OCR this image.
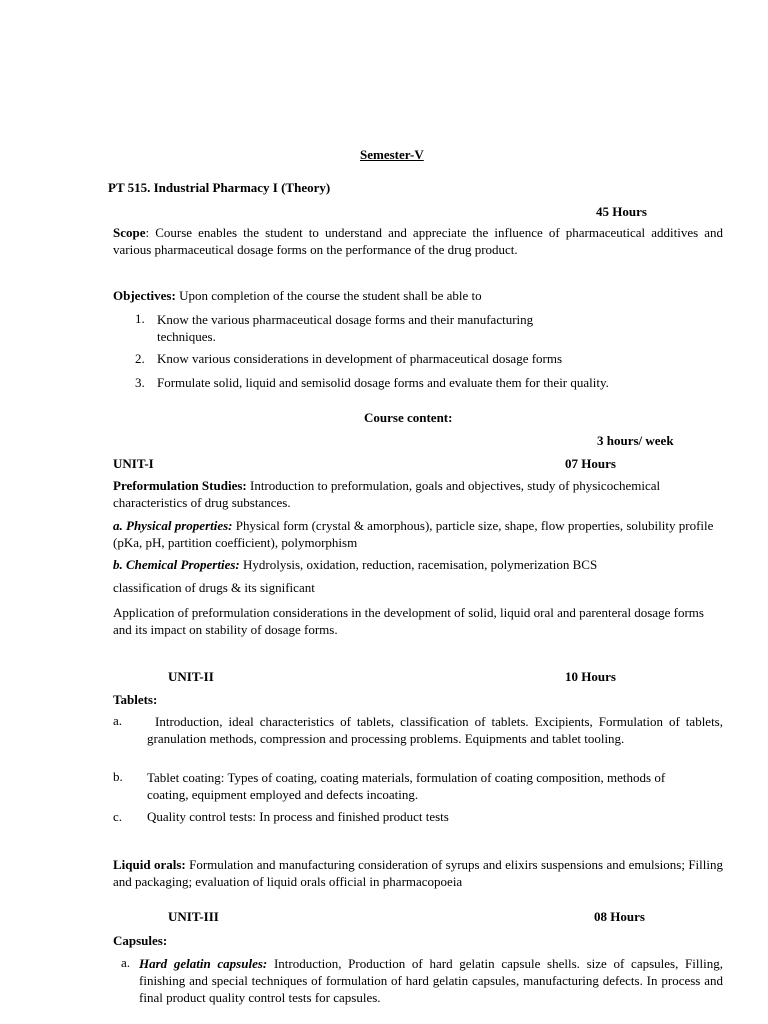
Semester-V
PT 515. Industrial Pharmacy I (Theory)
45 Hours
Scope: Course enables the student to understand and appreciate the influence of pharmaceutical additives and various pharmaceutical dosage forms on the performance of the drug product.
Objectives: Upon completion of the course the student shall be able to
1. Know the various pharmaceutical dosage forms and their manufacturing
techniques.
2. Know various considerations in development of pharmaceutical dosage forms
3. Formulate solid, liquid and semisolid dosage forms and evaluate them for their quality.
Course content:
3 hours/ week
UNIT-I	07 Hours
Preformulation Studies: Introduction to preformulation, goals and objectives, study of physicochemical characteristics of drug substances.
a. Physical properties: Physical form (crystal & amorphous), particle size, shape, flow properties, solubility profile (pKa, pH, partition coefficient), polymorphism
b. Chemical Properties: Hydrolysis, oxidation, reduction, racemisation, polymerization BCS
classification of drugs & its significant
Application of preformulation considerations in the development of solid, liquid oral and parenteral dosage forms and its impact on stability of dosage forms.
UNIT-II	10 Hours
Tablets:
a.	Introduction, ideal characteristics of tablets, classification of tablets. Excipients, Formulation of tablets, granulation methods, compression and processing problems. Equipments and tablet tooling.
b. Tablet coating: Types of coating, coating materials, formulation of coating composition, methods of coating, equipment employed and defects incoating.
c. Quality control tests: In process and finished product tests
Liquid orals: Formulation and manufacturing consideration of syrups and elixirs suspensions and emulsions; Filling and packaging; evaluation of liquid orals official in pharmacopoeia
UNIT-III	08 Hours
Capsules:
a. Hard gelatin capsules: Introduction, Production of hard gelatin capsule shells. size of capsules, Filling, finishing and special techniques of formulation of hard gelatin capsules, manufacturing defects. In process and final product quality control tests for capsules.
